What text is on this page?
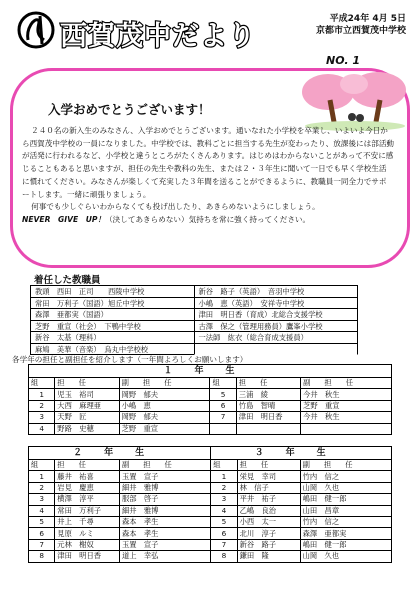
西賀茂中だより
平成24年 4月 5日
京都市立西賀茂中学校
NO. 1
入学おめでとうございます！

２４０名の新入生のみなさん、入学おめでとうございます。通いなれた小学校を卒業し、いよいよ今日から西賀茂中学校の一員になりました。中学校では、教科ごとに担当する先生が変わったり、放課後には部活動が活発に行われるなど、小学校と違うところがたくさんあります。はじめはわからないことがあって不安に感じることもあると思いますが、担任の先生や教科の先生、または２・３年生に聞いて一日でも早く学校生活に慣れてください。みなさんが楽しくて充実した３年間を送ることができるように、教職員一同全力でサポートします。一緒に頑張りましょう。

何事でも少しぐらいわからなくても投げ出したり、あきらめないようにしましょう。

NEVER　GIVE　UP！（決してあきらめない）気持ちを常に強く持ってください。

着任した教職員
教頭　西田　正司　　西陵中学校	新谷　路子（英語）　音羽中学校
常田　万利子（国語）旭丘中学校	小嶋　恵（英語）　安祥寺中学校
森澤　亜都実（国語）	津田　明日香（育成）北総合支援学校
芝野　重宣（社会）　下鴨中学校	古澤　保之（管理用務員）鷹峯小学校
新谷　太基（理科）	一法師　紘衣（総合育成支援員）
麻鳩　美華（音楽）　烏丸中学校校
各学年の担任と副担任を紹介します（一年間よろしくお願いします）
１年生					
組	担任	副担任	組	担任	副担任
1	児玉　裕司	岡野　郁夫	5	三浦　綾	今井　秋生
2	大西　麻理亜	小嶋　恵	6	竹島　智晴	芝野　重宣
3	天野　匠	岡野　郁夫	7	津田　明日香	今井　秋生
4	野路　史穂	芝野　重宣			
２年生			３年生		
組	担任	副担任	組	担任	副担任
1	藤井　祐喜	玉置　宣子	1	栄見　幸司	竹内　信之
2	岩見　慶恵	細井　雅博	2	林　信子	山岡　久也
3	横澤　淳平	服部　啓子	3	平井　祐子	嶋田　健一郎
4	常田　万利子	細井　雅博	4	乙嶋　良治	山田　昌章
5	井上　千尋	森本　孝生	5	小西　太一	竹内　信之
6	見原　ルミ	森本　孝生	6	北川　淳子	森澤　亜都実
7	元林　榭奴	玉置　宣子	7	新谷　路子	嶋田　健一郎
8	津田　明日香	道上　幸弘	8	鎌田　隆	山岡　久也
